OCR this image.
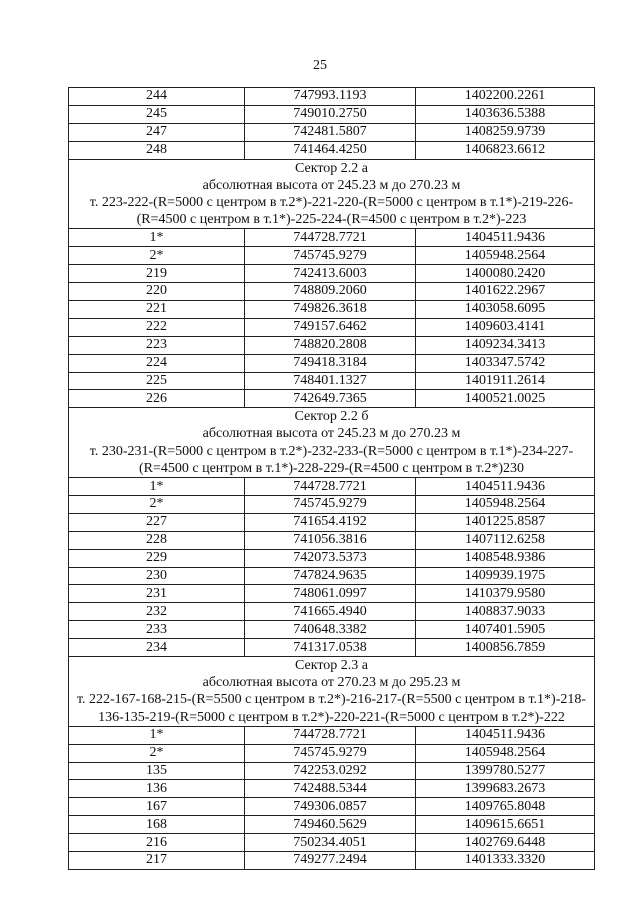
25
244	747993.1193	1402200.2261
245	749010.2750	1403636.5388
247	742481.5807	1408259.9739
248	741464.4250	1406823.6612

Сектор 2.2 а
абсолютная высота от 245.23 м до 270.23 м
т. 223-222-(R=5000 с центром в т.2*)-221-220-(R=5000 с центром в т.1*)-219-226-(R=4500 с центром в т.1*)-225-224-(R=4500 с центром в т.2*)-223		

1*	744728.7721	1404511.9436
2*	745745.9279	1405948.2564
219	742413.6003	1400080.2420
220	748809.2060	1401622.2967
221	749826.3618	1403058.6095
222	749157.6462	1409603.4141
223	748820.2808	1409234.3413
224	749418.3184	1403347.5742
225	748401.1327	1401911.2614
226	742649.7365	1400521.0025

Сектор 2.2 б
абсолютная высота от 245.23 м до 270.23 м
т. 230-231-(R=5000 с центром в т.2*)-232-233-(R=5000 с центром в т.1*)-234-227-(R=4500 с центром в т.1*)-228-229-(R=4500 с центром в т.2*)230		

1*	744728.7721	1404511.9436
2*	745745.9279	1405948.2564
227	741654.4192	1401225.8587
228	741056.3816	1407112.6258
229	742073.5373	1408548.9386
230	747824.9635	1409939.1975
231	748061.0997	1410379.9580
232	741665.4940	1408837.9033
233	740648.3382	1407401.5905
234	741317.0538	1400856.7859

Сектор 2.3 а
абсолютная высота от 270.23 м до 295.23 м
т. 222-167-168-215-(R=5500 с центром в т.2*)-216-217-(R=5500 с центром в т.1*)-218-136-135-219-(R=5000 с центром в т.2*)-220-221-(R=5000 с центром в т.2*)-222		

1*	744728.7721	1404511.9436
2*	745745.9279	1405948.2564
135	742253.0292	1399780.5277
136	742488.5344	1399683.2673
167	749306.0857	1409765.8048
168	749460.5629	1409615.6651
216	750234.4051	1402769.6448
217	749277.2494	1401333.3320
